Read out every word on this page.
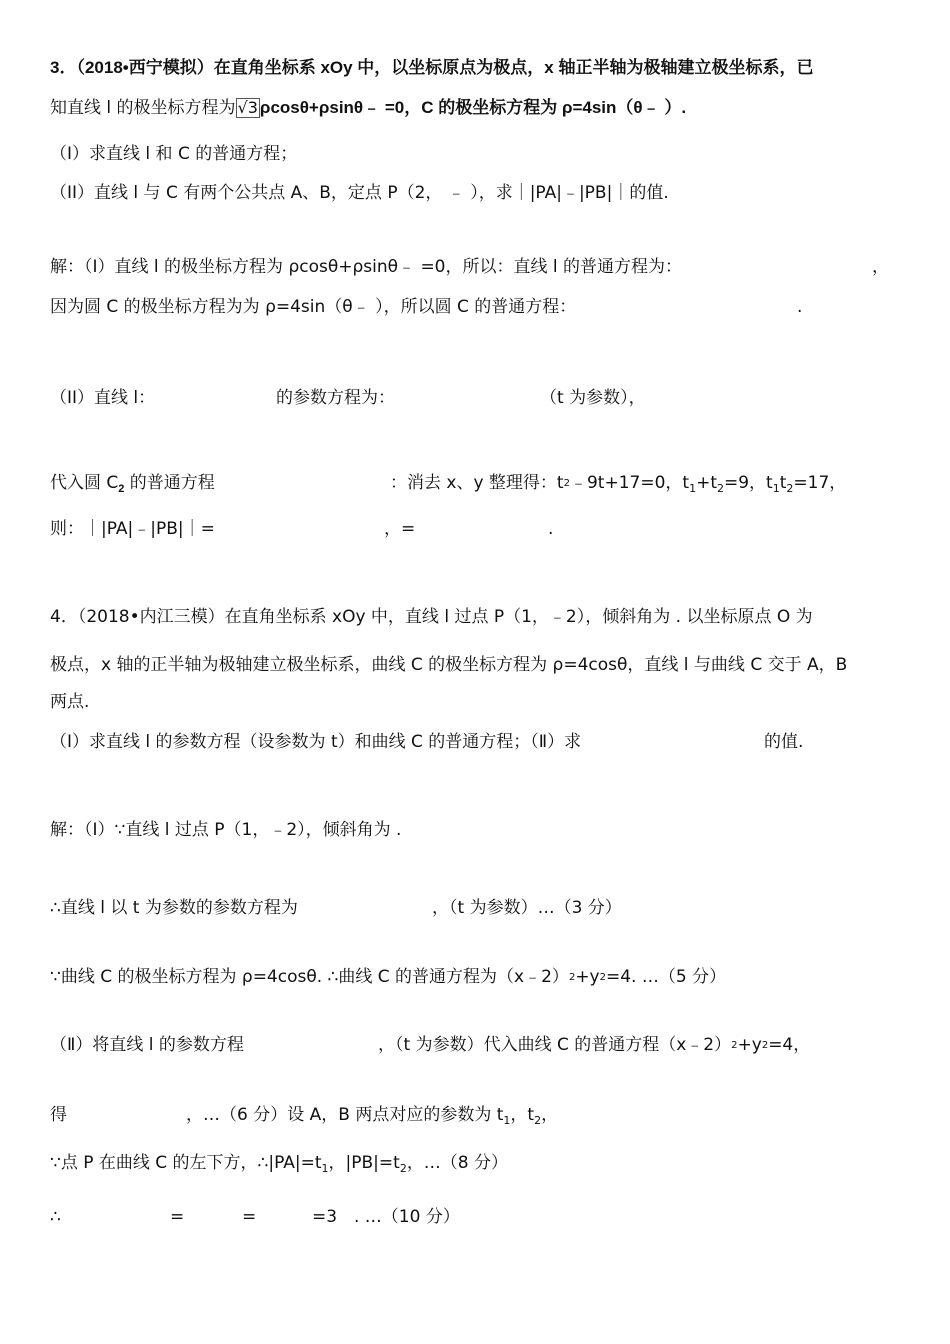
3．（2018•西宁模拟）在直角坐标系 xOy 中，以坐标原点为极点，x 轴正半轴为极轴建立极坐标系，已
知直线 l 的极坐标方程为 √3 ρcosθ+ρsinθ﹣ =0，C 的极坐标方程为 ρ=4sin（θ﹣ ）.
（I）求直线 l 和 C 的普通方程；
（II）直线 l 与 C 有两个公共点 A、B，定点 P（2， ﹣ ），求｜|PA|﹣|PB|｜的值.
解：（I）直线 l 的极坐标方程为 ρcosθ+ρsinθ﹣ =0，所以：直线 l 的普通方程为：	，
因为圆 C 的极坐标方程为为 ρ=4sin（θ﹣ ），所以圆 C 的普通方程：	.
（II）直线 l：	的参数方程为：	（t 为参数），
代入圆 $C_2$ 的普通方程	：消去 x、y 整理得：$t^2﹣9t+17=0$，$t_1+t_2=9$，$t_1t_2=17$，
则：｜|PA|﹣|PB|｜=	，=	.
4．（2018•内江三模）在直角坐标系 xOy 中，直线 l 过点 P（1，﹣2），倾斜角为 . 以坐标原点 O 为
极点，x 轴的正半轴为极轴建立极坐标系，曲线 C 的极坐标方程为 ρ=4cosθ，直线 l 与曲线 C 交于 A，B
两点.
（Ⅰ）求直线 l 的参数方程（设参数为 t）和曲线 C 的普通方程；（Ⅱ）求	的值.
解：（Ⅰ）∵直线 l 过点 P（1，﹣2），倾斜角为 .
∴直线 l 以 t 为参数的参数方程为	，（t 为参数）…（3 分）
∵曲线 C 的极坐标方程为 ρ=4cosθ. ∴曲线 C 的普通方程为$(x﹣2)^2+y^2=4$. …（5 分）
（Ⅱ）将直线 l 的参数方程	，（t 为参数）代入曲线 C 的普通方程$(x﹣2)^2+y^2=4$，
得	，…（6 分）设 A，B 两点对应的参数为 $t_1$，$t_2$，
∵点 P 在曲线 C 的左下方，$\therefore|PA|=t_1$，$|PB|=t_2$，…（8 分）
∴	=	=	=3 . …（10 分）
